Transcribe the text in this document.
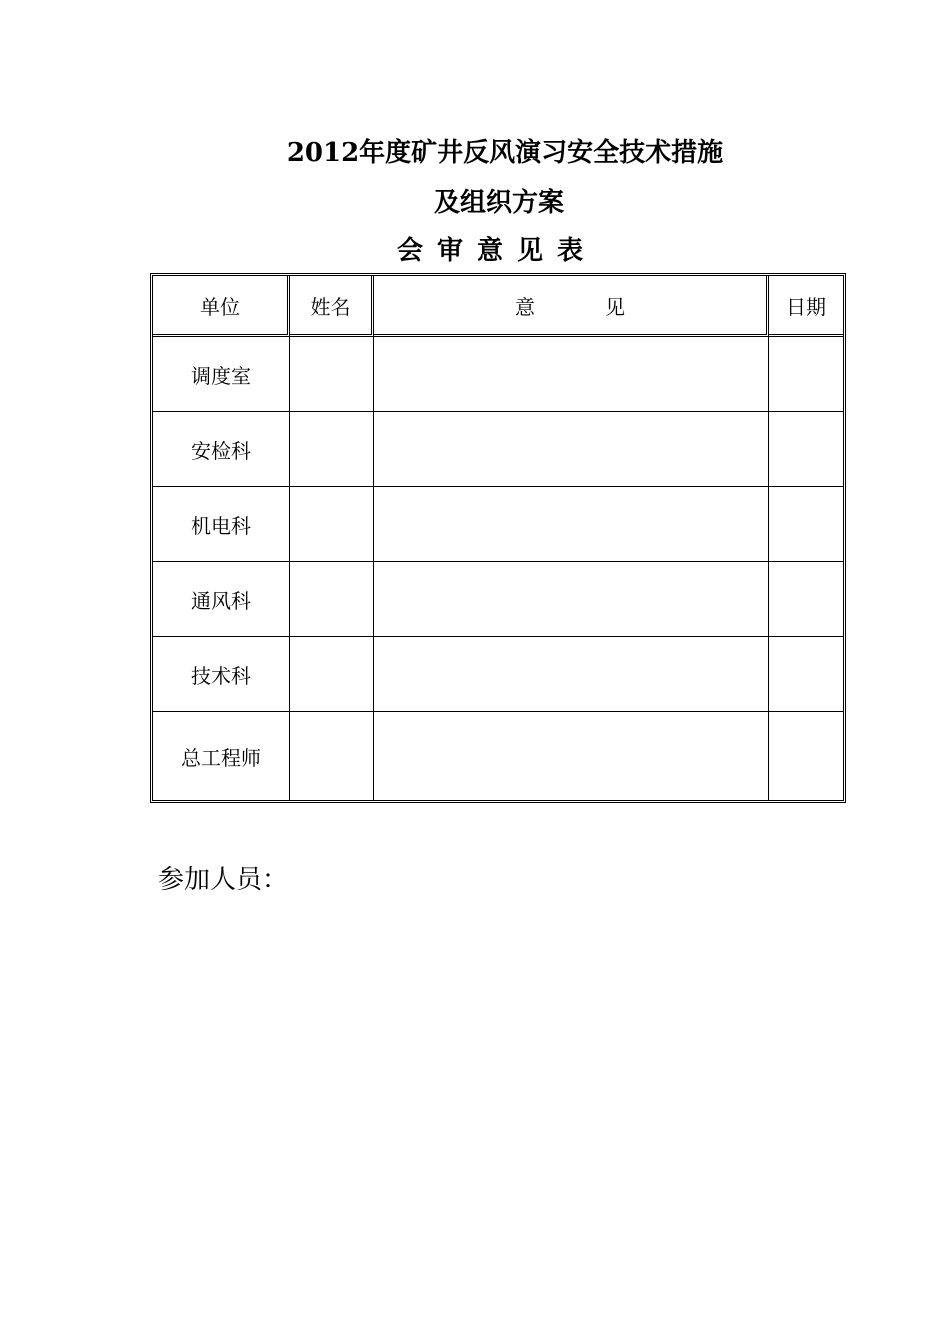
2012年度矿井反风演习安全技术措施
及组织方案
会审意见表
单位	姓名	意 见	日期
调度室			
安检科			
机电科			
通风科			
技术科			
总工程师			

参加人员：
